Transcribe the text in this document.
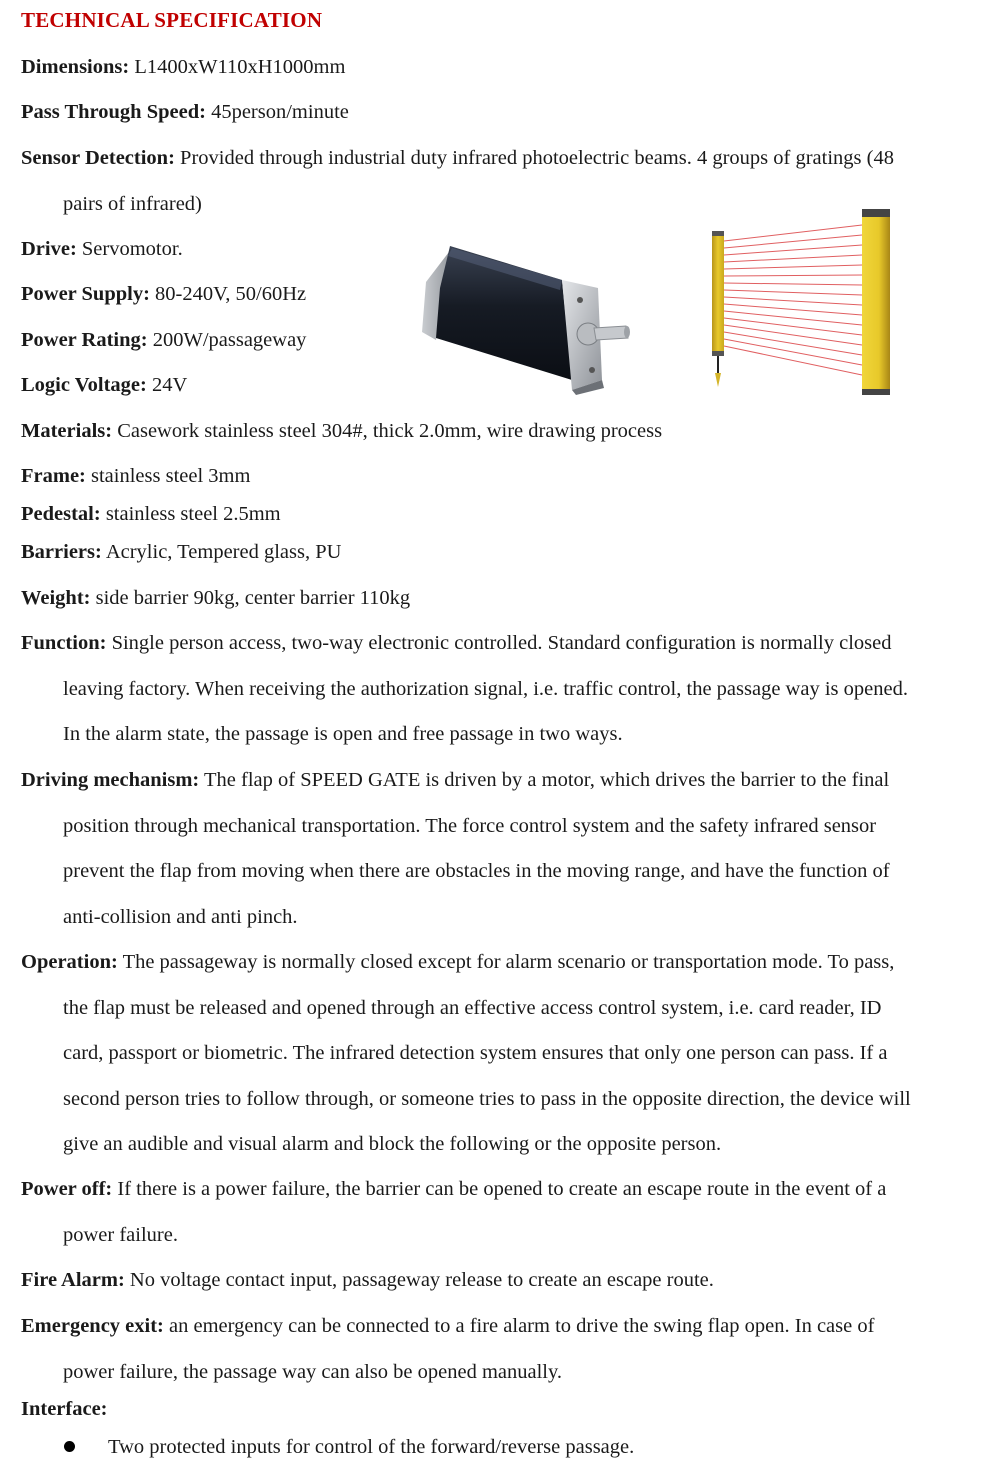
TECHNICAL SPECIFICATION
Dimensions: L1400xW110xH1000mm
Pass Through Speed: 45person/minute
Sensor Detection: Provided through industrial duty infrared photoelectric beams. 4 groups of gratings (48
pairs of infrared)
Drive: Servomotor.
Power Supply: 80-240V, 50/60Hz
Power Rating: 200W/passageway
Logic Voltage: 24V
Materials: Casework stainless steel 304#, thick 2.0mm, wire drawing process
Frame: stainless steel 3mm
Pedestal: stainless steel 2.5mm
Barriers: Acrylic, Tempered glass, PU
Weight: side barrier 90kg, center barrier 110kg
Function: Single person access, two-way electronic controlled. Standard configuration is normally closed
leaving factory. When receiving the authorization signal, i.e. traffic control, the passage way is opened.
In the alarm state, the passage is open and free passage in two ways.
Driving mechanism: The flap of SPEED GATE is driven by a motor, which drives the barrier to the final
position through mechanical transportation. The force control system and the safety infrared sensor
prevent the flap from moving when there are obstacles in the moving range, and have the function of
anti-collision and anti pinch.
Operation: The passageway is normally closed except for alarm scenario or transportation mode. To pass,
the flap must be released and opened through an effective access control system, i.e. card reader, ID
card, passport or biometric. The infrared detection system ensures that only one person can pass. If a
second person tries to follow through, or someone tries to pass in the opposite direction, the device will
give an audible and visual alarm and block the following or the opposite person.
Power off: If there is a power failure, the barrier can be opened to create an escape route in the event of a
power failure.
Fire Alarm: No voltage contact input, passageway release to create an escape route.
Emergency exit: an emergency can be connected to a fire alarm to drive the swing flap open. In case of
power failure, the passage way can also be opened manually.
Interface:
Two protected inputs for control of the forward/reverse passage.
